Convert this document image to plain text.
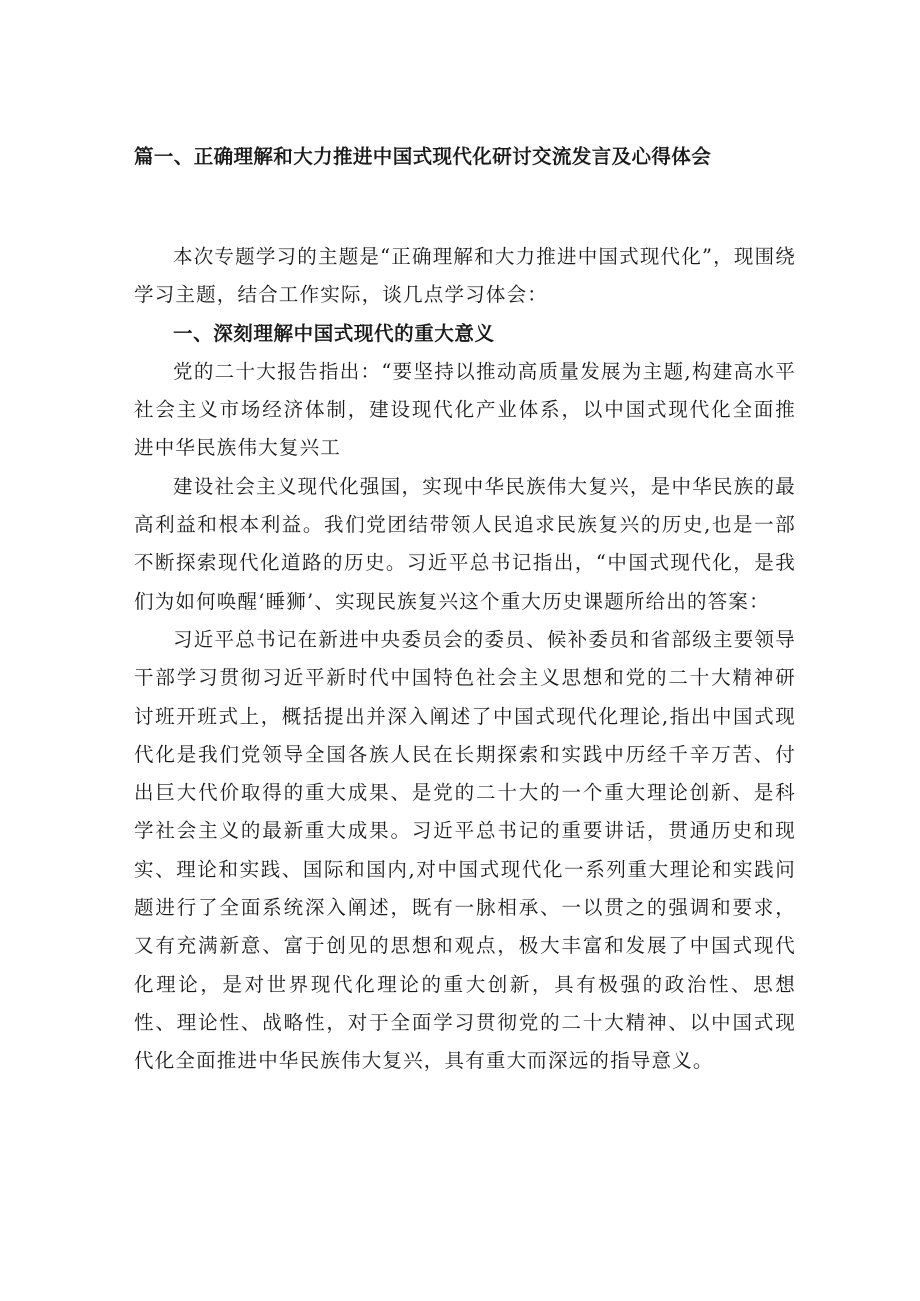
篇一、正确理解和大力推进中国式现代化研讨交流发言及心得体会

本次专题学习的主题是“正确理解和大力推进中国式现代化”，现围绕学习主题，结合工作实际，谈几点学习体会：

一、深刻理解中国式现代的重大意义

党的二十大报告指出：“要坚持以推动高质量发展为主题,构建高水平社会主义市场经济体制，建设现代化产业体系，以中国式现代化全面推进中华民族伟大复兴工

建设社会主义现代化强国，实现中华民族伟大复兴，是中华民族的最高利益和根本利益。我们党团结带领人民追求民族复兴的历史,也是一部不断探索现代化道路的历史。习近平总书记指出，“中国式现代化，是我们为如何唤醒‘睡狮’、实现民族复兴这个重大历史课题所给出的答案：

习近平总书记在新进中央委员会的委员、候补委员和省部级主要领导干部学习贯彻习近平新时代中国特色社会主义思想和党的二十大精神研讨班开班式上，概括提出并深入阐述了中国式现代化理论,指出中国式现代化是我们党领导全国各族人民在长期探索和实践中历经千辛万苦、付出巨大代价取得的重大成果、是党的二十大的一个重大理论创新、是科学社会主义的最新重大成果。习近平总书记的重要讲话，贯通历史和现实、理论和实践、国际和国内,对中国式现代化一系列重大理论和实践问题进行了全面系统深入阐述，既有一脉相承、一以贯之的强调和要求，又有充满新意、富于创见的思想和观点，极大丰富和发展了中国式现代化理论，是对世界现代化理论的重大创新，具有极强的政治性、思想性、理论性、战略性，对于全面学习贯彻党的二十大精神、以中国式现代化全面推进中华民族伟大复兴，具有重大而深远的指导意义。
